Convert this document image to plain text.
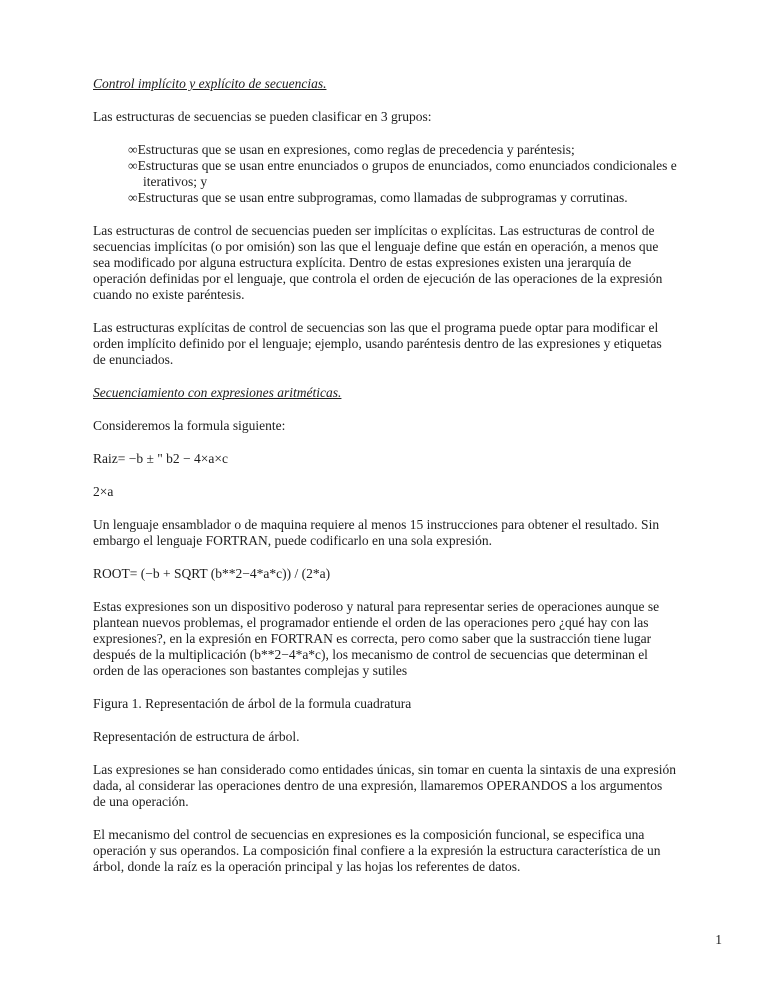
Control implícito y explícito de secuencias.

Las estructuras de secuencias se pueden clasificar en 3 grupos:

∞Estructuras que se usan en expresiones, como reglas de precedencia y paréntesis;
∞Estructuras que se usan entre enunciados o grupos de enunciados, como enunciados condicionales e iterativos; y
∞Estructuras que se usan entre subprogramas, como llamadas de subprogramas y corrutinas.

Las estructuras de control de secuencias pueden ser implícitas o explícitas. Las estructuras de control de secuencias implícitas (o por omisión) son las que el lenguaje define que están en operación, a menos que sea modificado por alguna estructura explícita. Dentro de estas expresiones existen una jerarquía de operación definidas por el lenguaje, que controla el orden de ejecución de las operaciones de la expresión cuando no existe paréntesis.

Las estructuras explícitas de control de secuencias son las que el programa puede optar para modificar el orden implícito definido por el lenguaje; ejemplo, usando paréntesis dentro de las expresiones y etiquetas de enunciados.

Secuenciamiento con expresiones aritméticas.

Consideremos la formula siguiente:

Raiz= −b ± " b2 − 4×a×c

2×a

Un lenguaje ensamblador o de maquina requiere al menos 15 instrucciones para obtener el resultado. Sin embargo el lenguaje FORTRAN, puede codificarlo en una sola expresión.

ROOT= (−b + SQRT (b**2−4*a*c)) / (2*a)

Estas expresiones son un dispositivo poderoso y natural para representar series de operaciones aunque se plantean nuevos problemas, el programador entiende el orden de las operaciones pero ¿qué hay con las expresiones?, en la expresión en FORTRAN es correcta, pero como saber que la sustracción tiene lugar después de la multiplicación (b**2−4*a*c), los mecanismo de control de secuencias que determinan el orden de las operaciones son bastantes complejas y sutiles

Figura 1. Representación de árbol de la formula cuadratura

Representación de estructura de árbol.

Las expresiones se han considerado como entidades únicas, sin tomar en cuenta la sintaxis de una expresión dada, al considerar las operaciones dentro de una expresión, llamaremos OPERANDOS a los argumentos de una operación.

El mecanismo del control de secuencias en expresiones es la composición funcional, se especifica una operación y sus operandos. La composición final confiere a la expresión la estructura característica de un árbol, donde la raíz es la operación principal y las hojas los referentes de datos.

1
